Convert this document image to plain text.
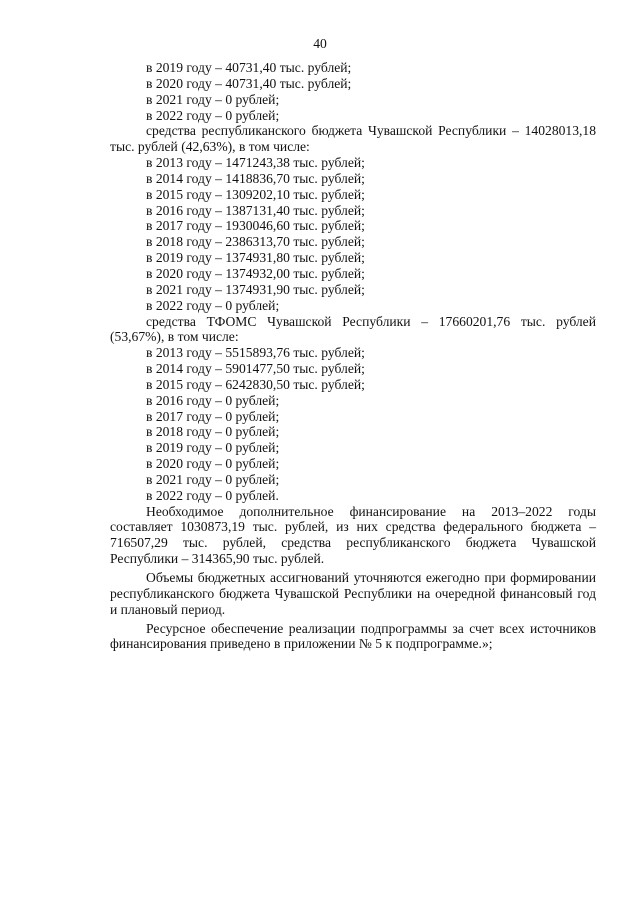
40
в 2019 году – 40731,40 тыс. рублей;
в 2020 году – 40731,40 тыс. рублей;
в 2021 году – 0 рублей;
в 2022 году – 0 рублей;
средства республиканского бюджета Чувашской Республики – 14028013,18 тыс. рублей (42,63%), в том числе:
в 2013 году – 1471243,38 тыс. рублей;
в 2014 году – 1418836,70 тыс. рублей;
в 2015 году – 1309202,10 тыс. рублей;
в 2016 году – 1387131,40 тыс. рублей;
в 2017 году – 1930046,60 тыс. рублей;
в 2018 году – 2386313,70 тыс. рублей;
в 2019 году – 1374931,80 тыс. рублей;
в 2020 году – 1374932,00 тыс. рублей;
в 2021 году – 1374931,90 тыс. рублей;
в 2022 году – 0 рублей;
средства ТФОМС Чувашской Республики – 17660201,76 тыс. рублей (53,67%), в том числе:
в 2013 году – 5515893,76 тыс. рублей;
в 2014 году – 5901477,50 тыс. рублей;
в 2015 году – 6242830,50 тыс. рублей;
в 2016 году – 0 рублей;
в 2017 году – 0 рублей;
в 2018 году – 0 рублей;
в 2019 году – 0 рублей;
в 2020 году – 0 рублей;
в 2021 году – 0 рублей;
в 2022 году – 0 рублей.
Необходимое дополнительное финансирование на 2013–2022 годы составляет 1030873,19 тыс. рублей, из них средства федерального бюджета – 716507,29 тыс. рублей, средства республиканского бюджета Чувашской Республики – 314365,90 тыс. рублей.
Объемы бюджетных ассигнований уточняются ежегодно при формировании республиканского бюджета Чувашской Республики на очередной финансовый год и плановый период.
Ресурсное обеспечение реализации подпрограммы за счет всех источников финансирования приведено в приложении № 5 к подпрограмме.»;
